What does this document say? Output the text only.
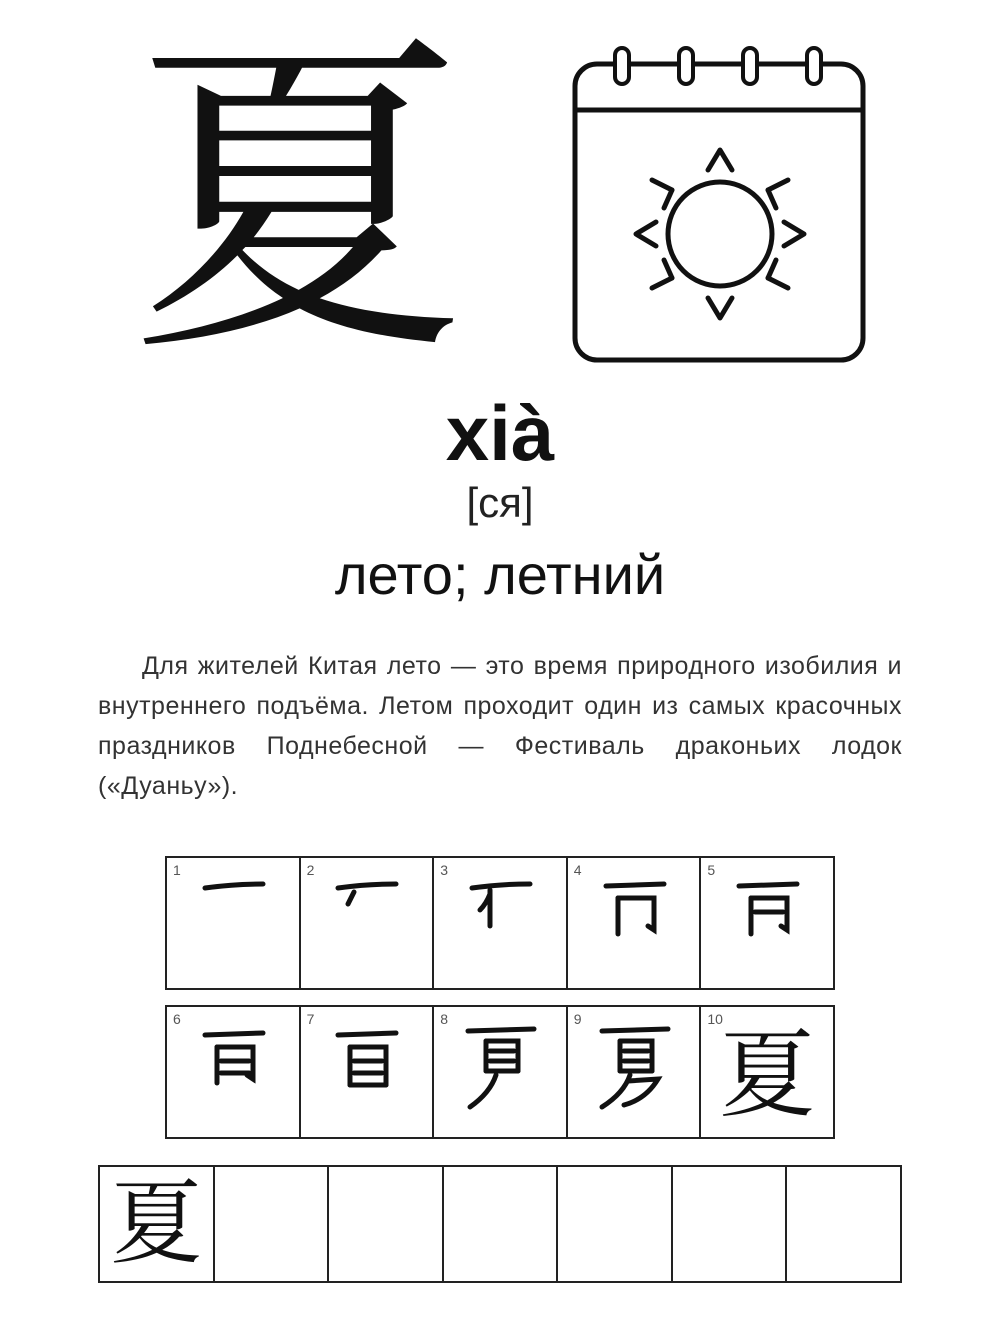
夏
xià
[ся]
лето; летний
Для жителей Китая лето — это время природного изобилия и внутреннего подъёма. Летом проходит один из самых красочных праздников Поднебесной — Фестиваль драконьих лодок («Дуаньу»).
1	2	3	4	5
6	7	8	9	10
夏
夏
